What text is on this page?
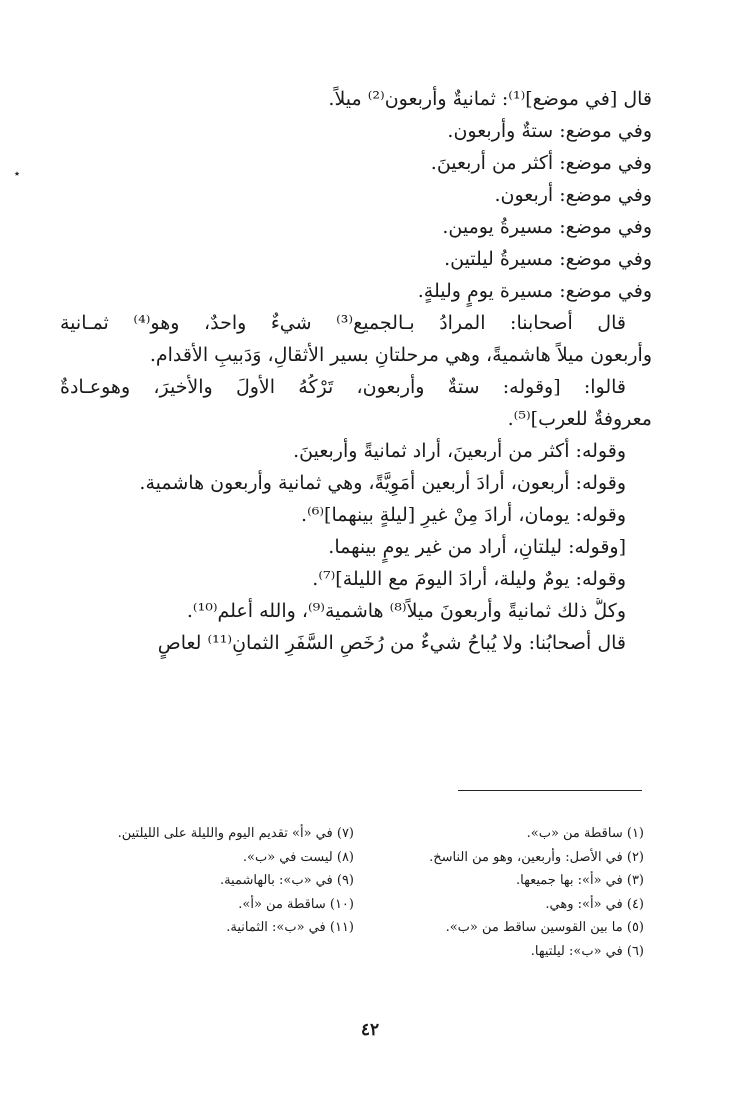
٭
قال [في موضع]⁽¹⁾: ثمانيةٌ وأربعون⁽²⁾ ميلاً.
وفي موضع: ستةٌ وأربعون.
وفي موضع: أكثر من أربعينَ.
وفي موضع: أربعون.
وفي موضع: مسيرةُ يومين.
وفي موضع: مسيرةُ ليلتين.
وفي موضع: مسيرة يومٍ وليلةٍ.
قال أصحابنا: المرادُ بـالجميع⁽³⁾ شيءٌ واحدٌ، وهو⁽⁴⁾ ثمـانية
وأربعون ميلاً هاشميةً، وهي مرحلتانِ بسير الأثقالِ، وَدَبيبِ الأقدام.
قالوا: [وقوله: ستةٌ وأربعون، تَرْكُهُ الأولَ والأخيرَ، وهوعـادةٌ
معروفةٌ للعرب]⁽⁵⁾.
وقوله: أكثر من أربعينَ، أراد ثمانيةً وأربعينَ.
وقوله: أربعون، أرادَ أربعين أُمَوِيَّةً، وهي ثمانية وأربعون هاشمية.
وقوله: يومان، أرادَ مِنْ غيرِ [ليلةٍ بينهما]⁽⁶⁾.
[وقوله: ليلتانِ، أراد من غير يومٍ بينهما.
وقوله: يومٌ وليلة، أرادَ اليومَ مع الليلة]⁽⁷⁾.
وكلُّ ذلك ثمانيةً وأربعونَ ميلاً⁽⁸⁾ هاشمية⁽⁹⁾، والله أعلم⁽¹⁰⁾.
قال أصحابُنا: ولا يُباحُ شيءٌ من رُخَصِ السَّفَرِ الثمانِ⁽¹¹⁾ لعاصٍ
(١) ساقطة من «ب».
(٢) في الأصل: وأربعين، وهو من الناسخ.
(٣) في «أ»: بها جميعها.
(٤) في «أ»: وهي.
(٥) ما بين القوسين ساقط من «ب».
(٦) في «ب»: ليلتيها.
(٧) في «أ» تقديم اليوم والليلة على الليلتين.
(٨) ليست في «ب».
(٩) في «ب»: بالهاشمية.
(١٠) ساقطة من «أ».
(١١) في «ب»: الثمانية.
٤٢
